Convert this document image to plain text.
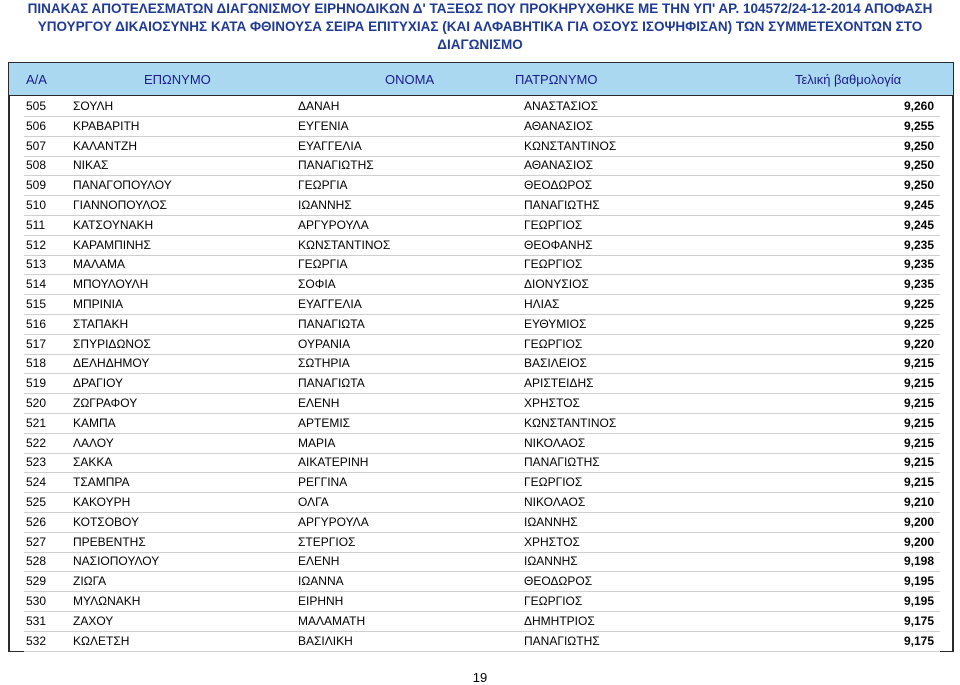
ΠΙΝΑΚΑΣ ΑΠΟΤΕΛΕΣΜΑΤΩΝ ΔΙΑΓΩΝΙΣΜΟΥ ΕΙΡΗΝΟΔΙΚΩΝ Δ' ΤΑΞΕΩΣ ΠΟΥ ΠΡΟΚΗΡΥΧΘΗΚΕ ΜΕ ΤΗΝ ΥΠ' ΑΡ. 104572/24-12-2014 ΑΠΟΦΑΣΗ
ΥΠΟΥΡΓΟΥ ΔΙΚΑΙΟΣΥΝΗΣ ΚΑΤΑ ΦΘΙΝΟΥΣΑ ΣΕΙΡΑ ΕΠΙΤΥΧΙΑΣ (ΚΑΙ ΑΛΦΑΒΗΤΙΚΑ ΓΙΑ ΟΣΟΥΣ ΙΣΟΨΗΦΙΣΑΝ) ΤΩΝ ΣΥΜΜΕΤΕΧΟΝΤΩΝ ΣΤΟ
ΔΙΑΓΩΝΙΣΜΟ
Α/Α	ΕΠΩΝΥΜΟ	ΟΝΟΜΑ	ΠΑΤΡΩΝΥΜΟ	Τελική βαθμολογία
505 ΣΟΥΛΗ	ΔΑΝΑΗ	ΑΝΑΣΤΑΣΙΟΣ	9,260
506 ΚΡΑΒΑΡΙΤΗ	ΕΥΓΕΝΙΑ	ΑΘΑΝΑΣΙΟΣ	9,255
507 ΚΑΛΑΝΤΖΗ	ΕΥΑΓΓΕΛΙΑ	ΚΩΝΣΤΑΝΤΙΝΟΣ	9,250
508 ΝΙΚΑΣ	ΠΑΝΑΓΙΩΤΗΣ	ΑΘΑΝΑΣΙΟΣ	9,250
509 ΠΑΝΑΓΟΠΟΥΛΟΥ	ΓΕΩΡΓΙΑ	ΘΕΟΔΩΡΟΣ	9,250
510 ΓΙΑΝΝΟΠΟΥΛΟΣ	ΙΩΑΝΝΗΣ	ΠΑΝΑΓΙΩΤΗΣ	9,245
511 ΚΑΤΣΟΥΝΑΚΗ	ΑΡΓΥΡΟΥΛΑ	ΓΕΩΡΓΙΟΣ	9,245
512 ΚΑΡΑΜΠΙΝΗΣ	ΚΩΝΣΤΑΝΤΙΝΟΣ	ΘΕΟΦΑΝΗΣ	9,235
513 ΜΑΛΑΜΑ	ΓΕΩΡΓΙΑ	ΓΕΩΡΓΙΟΣ	9,235
514 ΜΠΟΥΛΟΥΛΗ	ΣΟΦΙΑ	ΔΙΟΝΥΣΙΟΣ	9,235
515 ΜΠΡΙΝΙΑ	ΕΥΑΓΓΕΛΙΑ	ΗΛΙΑΣ	9,225
516 ΣΤΑΠΑΚΗ	ΠΑΝΑΓΙΩΤΑ	ΕΥΘΥΜΙΟΣ	9,225
517 ΣΠΥΡΙΔΩΝΟΣ	ΟΥΡΑΝΙΑ	ΓΕΩΡΓΙΟΣ	9,220
518 ΔΕΛΗΔΗΜΟΥ	ΣΩΤΗΡΙΑ	ΒΑΣΙΛΕΙΟΣ	9,215
519 ΔΡΑΓΙΟΥ	ΠΑΝΑΓΙΩΤΑ	ΑΡΙΣΤΕΙΔΗΣ	9,215
520 ΖΩΓΡΑΦΟΥ	ΕΛΕΝΗ	ΧΡΗΣΤΟΣ	9,215
521 ΚΑΜΠΑ	ΑΡΤΕΜΙΣ	ΚΩΝΣΤΑΝΤΙΝΟΣ	9,215
522 ΛΑΛΟΥ	ΜΑΡΙΑ	ΝΙΚΟΛΑΟΣ	9,215
523 ΣΑΚΚΑ	ΑΙΚΑΤΕΡΙΝΗ	ΠΑΝΑΓΙΩΤΗΣ	9,215
524 ΤΣΑΜΠΡΑ	ΡΕΓΓΙΝΑ	ΓΕΩΡΓΙΟΣ	9,215
525 ΚΑΚΟΥΡΗ	ΟΛΓΑ	ΝΙΚΟΛΑΟΣ	9,210
526 ΚΟΤΣΟΒΟΥ	ΑΡΓΥΡΟΥΛΑ	ΙΩΑΝΝΗΣ	9,200
527 ΠΡΕΒΕΝΤΗΣ	ΣΤΕΡΓΙΟΣ	ΧΡΗΣΤΟΣ	9,200
528 ΝΑΣΙΟΠΟΥΛΟΥ	ΕΛΕΝΗ	ΙΩΑΝΝΗΣ	9,198
529 ΖΙΩΓΑ	ΙΩΑΝΝΑ	ΘΕΟΔΩΡΟΣ	9,195
530 ΜΥΛΩΝΑΚΗ	ΕΙΡΗΝΗ	ΓΕΩΡΓΙΟΣ	9,195
531 ΖΑΧΟΥ	ΜΑΛΑΜΑΤΗ	ΔΗΜΗΤΡΙΟΣ	9,175
532 ΚΩΛΕΤΣΗ	ΒΑΣΙΛΙΚΗ	ΠΑΝΑΓΙΩΤΗΣ	9,175
19
